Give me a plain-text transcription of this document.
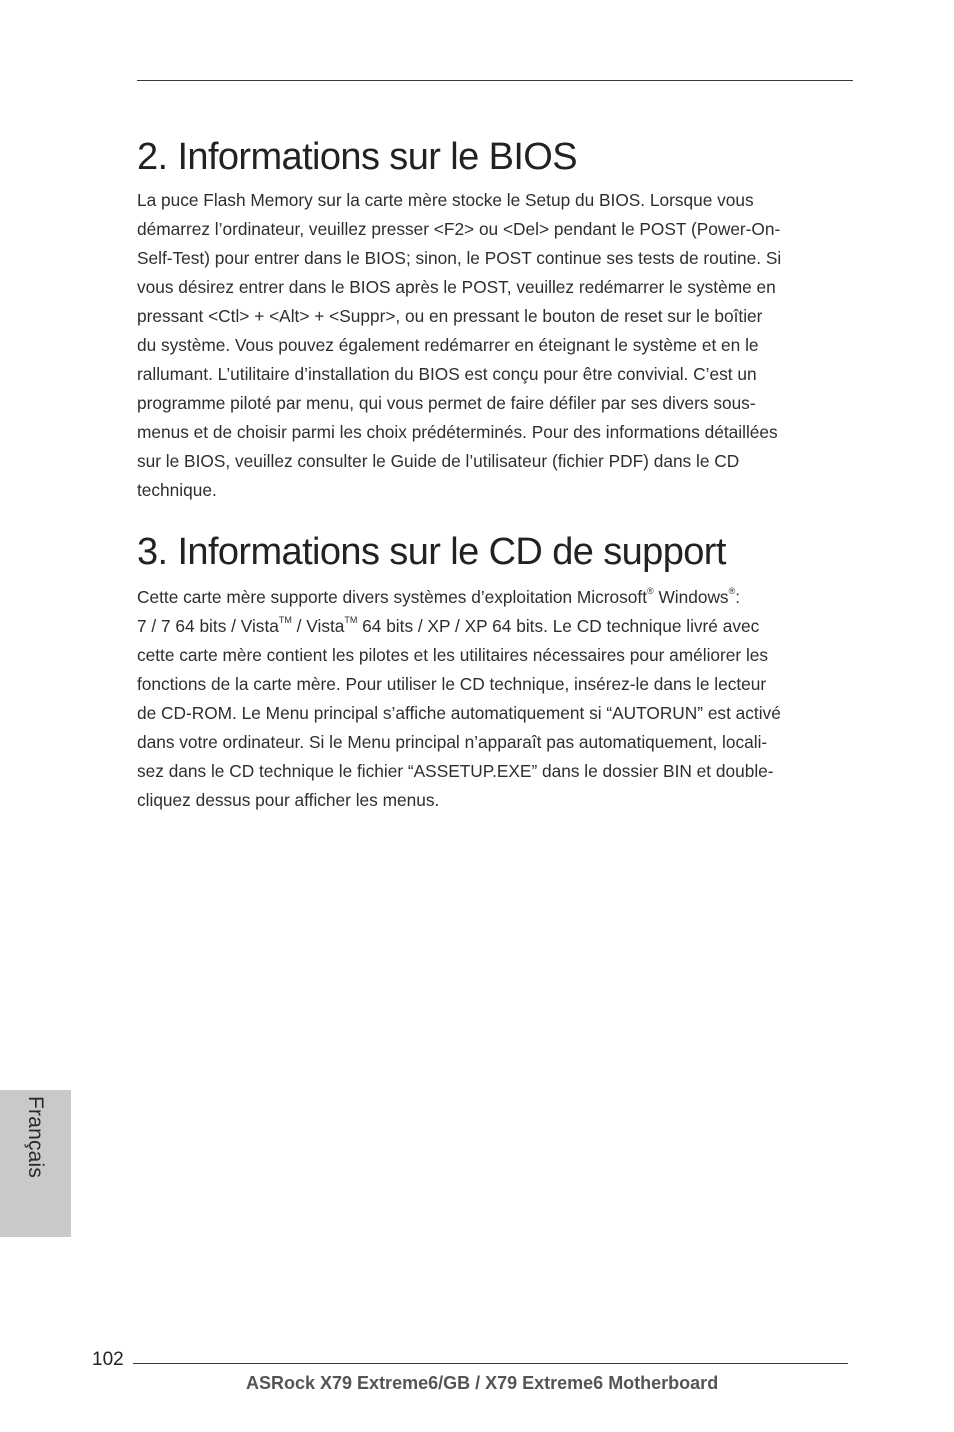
2. Informations sur le BIOS

La puce Flash Memory sur la carte mère stocke le Setup du BIOS. Lorsque vous
démarrez l’ordinateur, veuillez presser <F2> ou <Del> pendant le POST (Power-On-
Self-Test) pour entrer dans le BIOS; sinon, le POST continue ses tests de routine. Si
vous désirez entrer dans le BIOS après le POST, veuillez redémarrer le système en
pressant <Ctl> + <Alt> + <Suppr>, ou en pressant le bouton de reset sur le boîtier
du système. Vous pouvez également redémarrer en éteignant le système et en le
rallumant. L’utilitaire d’installation du BIOS est conçu pour être convivial. C’est un
programme piloté par menu, qui vous permet de faire défiler par ses divers sous-
menus et de choisir parmi les choix prédéterminés. Pour des informations détaillées
sur le BIOS, veuillez consulter le Guide de l’utilisateur (fichier PDF) dans le CD
technique.

3. Informations sur le CD de support

Cette carte mère supporte divers systèmes d’exploitation Microsoft® Windows®:
7 / 7 64 bits / Vista™ / Vista™ 64 bits / XP / XP 64 bits. Le CD technique livré avec
cette carte mère contient les pilotes et les utilitaires nécessaires pour améliorer les
fonctions de la carte mère. Pour utiliser le CD technique, insérez-le dans le lecteur
de CD-ROM. Le Menu principal s’affiche automatiquement si “AUTORUN” est activé
dans votre ordinateur. Si le Menu principal n’apparaît pas automatiquement, locali-
sez dans le CD technique le fichier “ASSETUP.EXE” dans le dossier BIN et double-
cliquez dessus pour afficher les menus.

Français
102
ASRock X79 Extreme6/GB / X79 Extreme6 Motherboard
